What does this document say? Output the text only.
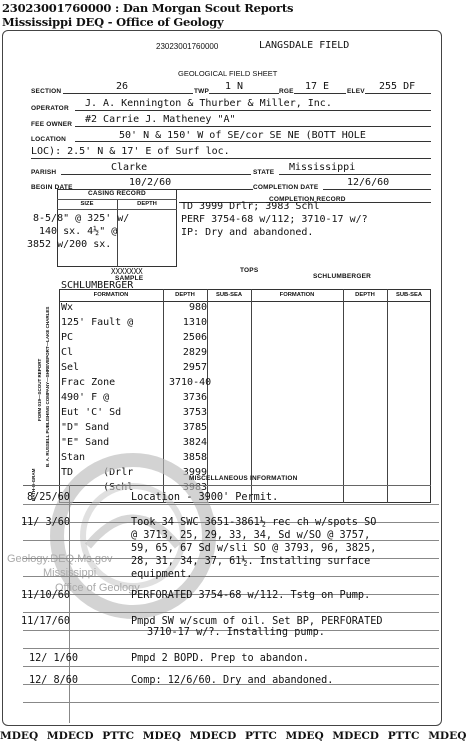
23023001760000 : Dan Morgan Scout Reports
Mississippi DEQ - Office of Geology
23023001760000	LANGSDALE FIELD
GEOLOGICAL FIELD SHEET
SECTION	26	TWP 1 N	RGE 17 E	ELEV 255 DF
OPERATOR J. A. Kennington & Thurber & Miller, Inc.
FEE OWNER #2 Carrie J. Matheney "A"
LOCATION	50' N & 150' W of SE/cor SE NE (BOTT HOLE
LOC): 2.5' N & 17' E of Surf loc.
PARISH	Clarke	STATE Mississippi
BEGIN DATE	10/2/60	COMPLETION DATE	12/6/60
CASING RECORD
SIZE	DEPTH
8-5/8" @ 325' w/
140 sx. 4½" @
3852 w/200 sx.
COMPLETION RECORD
TD 3999 Drlr; 3983 Schl
PERF 3754-68 w/112; 3710-17 w/?
IP: Dry and abandoned.
TOPS
XXXXXXX
SAMPLE
SCHLUMBERGER
SCHLUMBERGER
FORMATION	DEPTH	SUB-SEA	FORMATION	DEPTH	SUB-SEA
Wx	980
125' Fault @	1310
PC	2506
Cl	2829
Sel	2957
Frac Zone	3710-40
490' F @	3736
Eut 'C' Sd	3753
"D" Sand	3785
"E" Sand	3824
Stan	3858
TD     (Drlr	3999
(Schl	3983
FORM 019—SCOUT REPORT B. A. RUSSELL PUBLISHING COMPANY—SHREVEPORT—LAKE CHARLES
BATH-O-GRAM
Geology.DEQ.Ms.gov
Mississippi
Office of Geology
MISCELLANEOUS INFORMATION
8/25/60	Location - 3900' Permit.
11/ 3/60	Took 34 SWC 3651-3861½ rec ch w/spots SO
@ 3713, 25, 29, 33, 34, Sd w/SO @ 3757,
59, 65, 67 Sd w/sli SO @ 3793, 96, 3825,
28, 31, 34, 37, 61½. Installing surface
equipment.
11/10/60	PERFORATED 3754-68 w/112. Tstg on Pump.
11/17/60	Pmpd SW w/scum of oil. Set BP, PERFORATED
3710-17 w/?. Installing pump.
12/ 1/60	Pmpd 2 BOPD. Prep to abandon.
12/ 8/60	Comp: 12/6/60. Dry and abandoned.
MDEQ MDECD PTTC MDEQ MDECD PTTC MDEQ MDECD PTTC MDEQ
